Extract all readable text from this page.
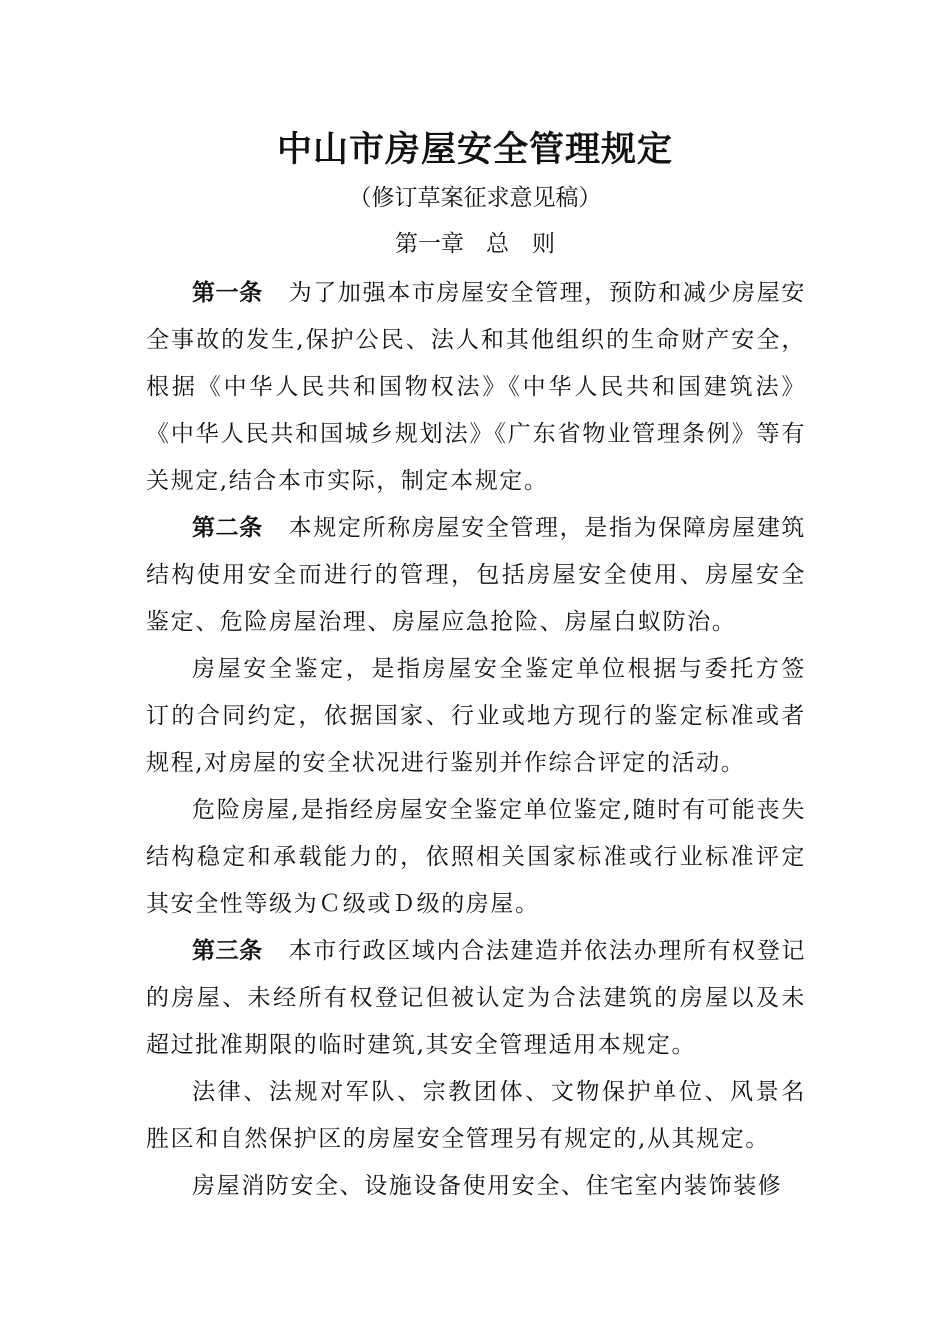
中山市房屋安全管理规定
（修订草案征求意见稿）
第一章 总　则

第一条 为了加强本市房屋安全管理，预防和减少房屋安全事故的发生,保护公民、法人和其他组织的生命财产安全，根据《中华人民共和国物权法》《中华人民共和国建筑法》《中华人民共和国城乡规划法》《广东省物业管理条例》等有关规定,结合本市实际，制定本规定。

第二条 本规定所称房屋安全管理，是指为保障房屋建筑结构使用安全而进行的管理，包括房屋安全使用、房屋安全鉴定、危险房屋治理、房屋应急抢险、房屋白蚁防治。

房屋安全鉴定，是指房屋安全鉴定单位根据与委托方签订的合同约定，依据国家、行业或地方现行的鉴定标准或者规程,对房屋的安全状况进行鉴别并作综合评定的活动。

危险房屋,是指经房屋安全鉴定单位鉴定,随时有可能丧失结构稳定和承载能力的，依照相关国家标准或行业标准评定其安全性等级为Ｃ级或Ｄ级的房屋。

第三条 本市行政区域内合法建造并依法办理所有权登记的房屋、未经所有权登记但被认定为合法建筑的房屋以及未超过批准期限的临时建筑,其安全管理适用本规定。

法律、法规对军队、宗教团体、文物保护单位、风景名胜区和自然保护区的房屋安全管理另有规定的,从其规定。

房屋消防安全、设施设备使用安全、住宅室内装饰装修
